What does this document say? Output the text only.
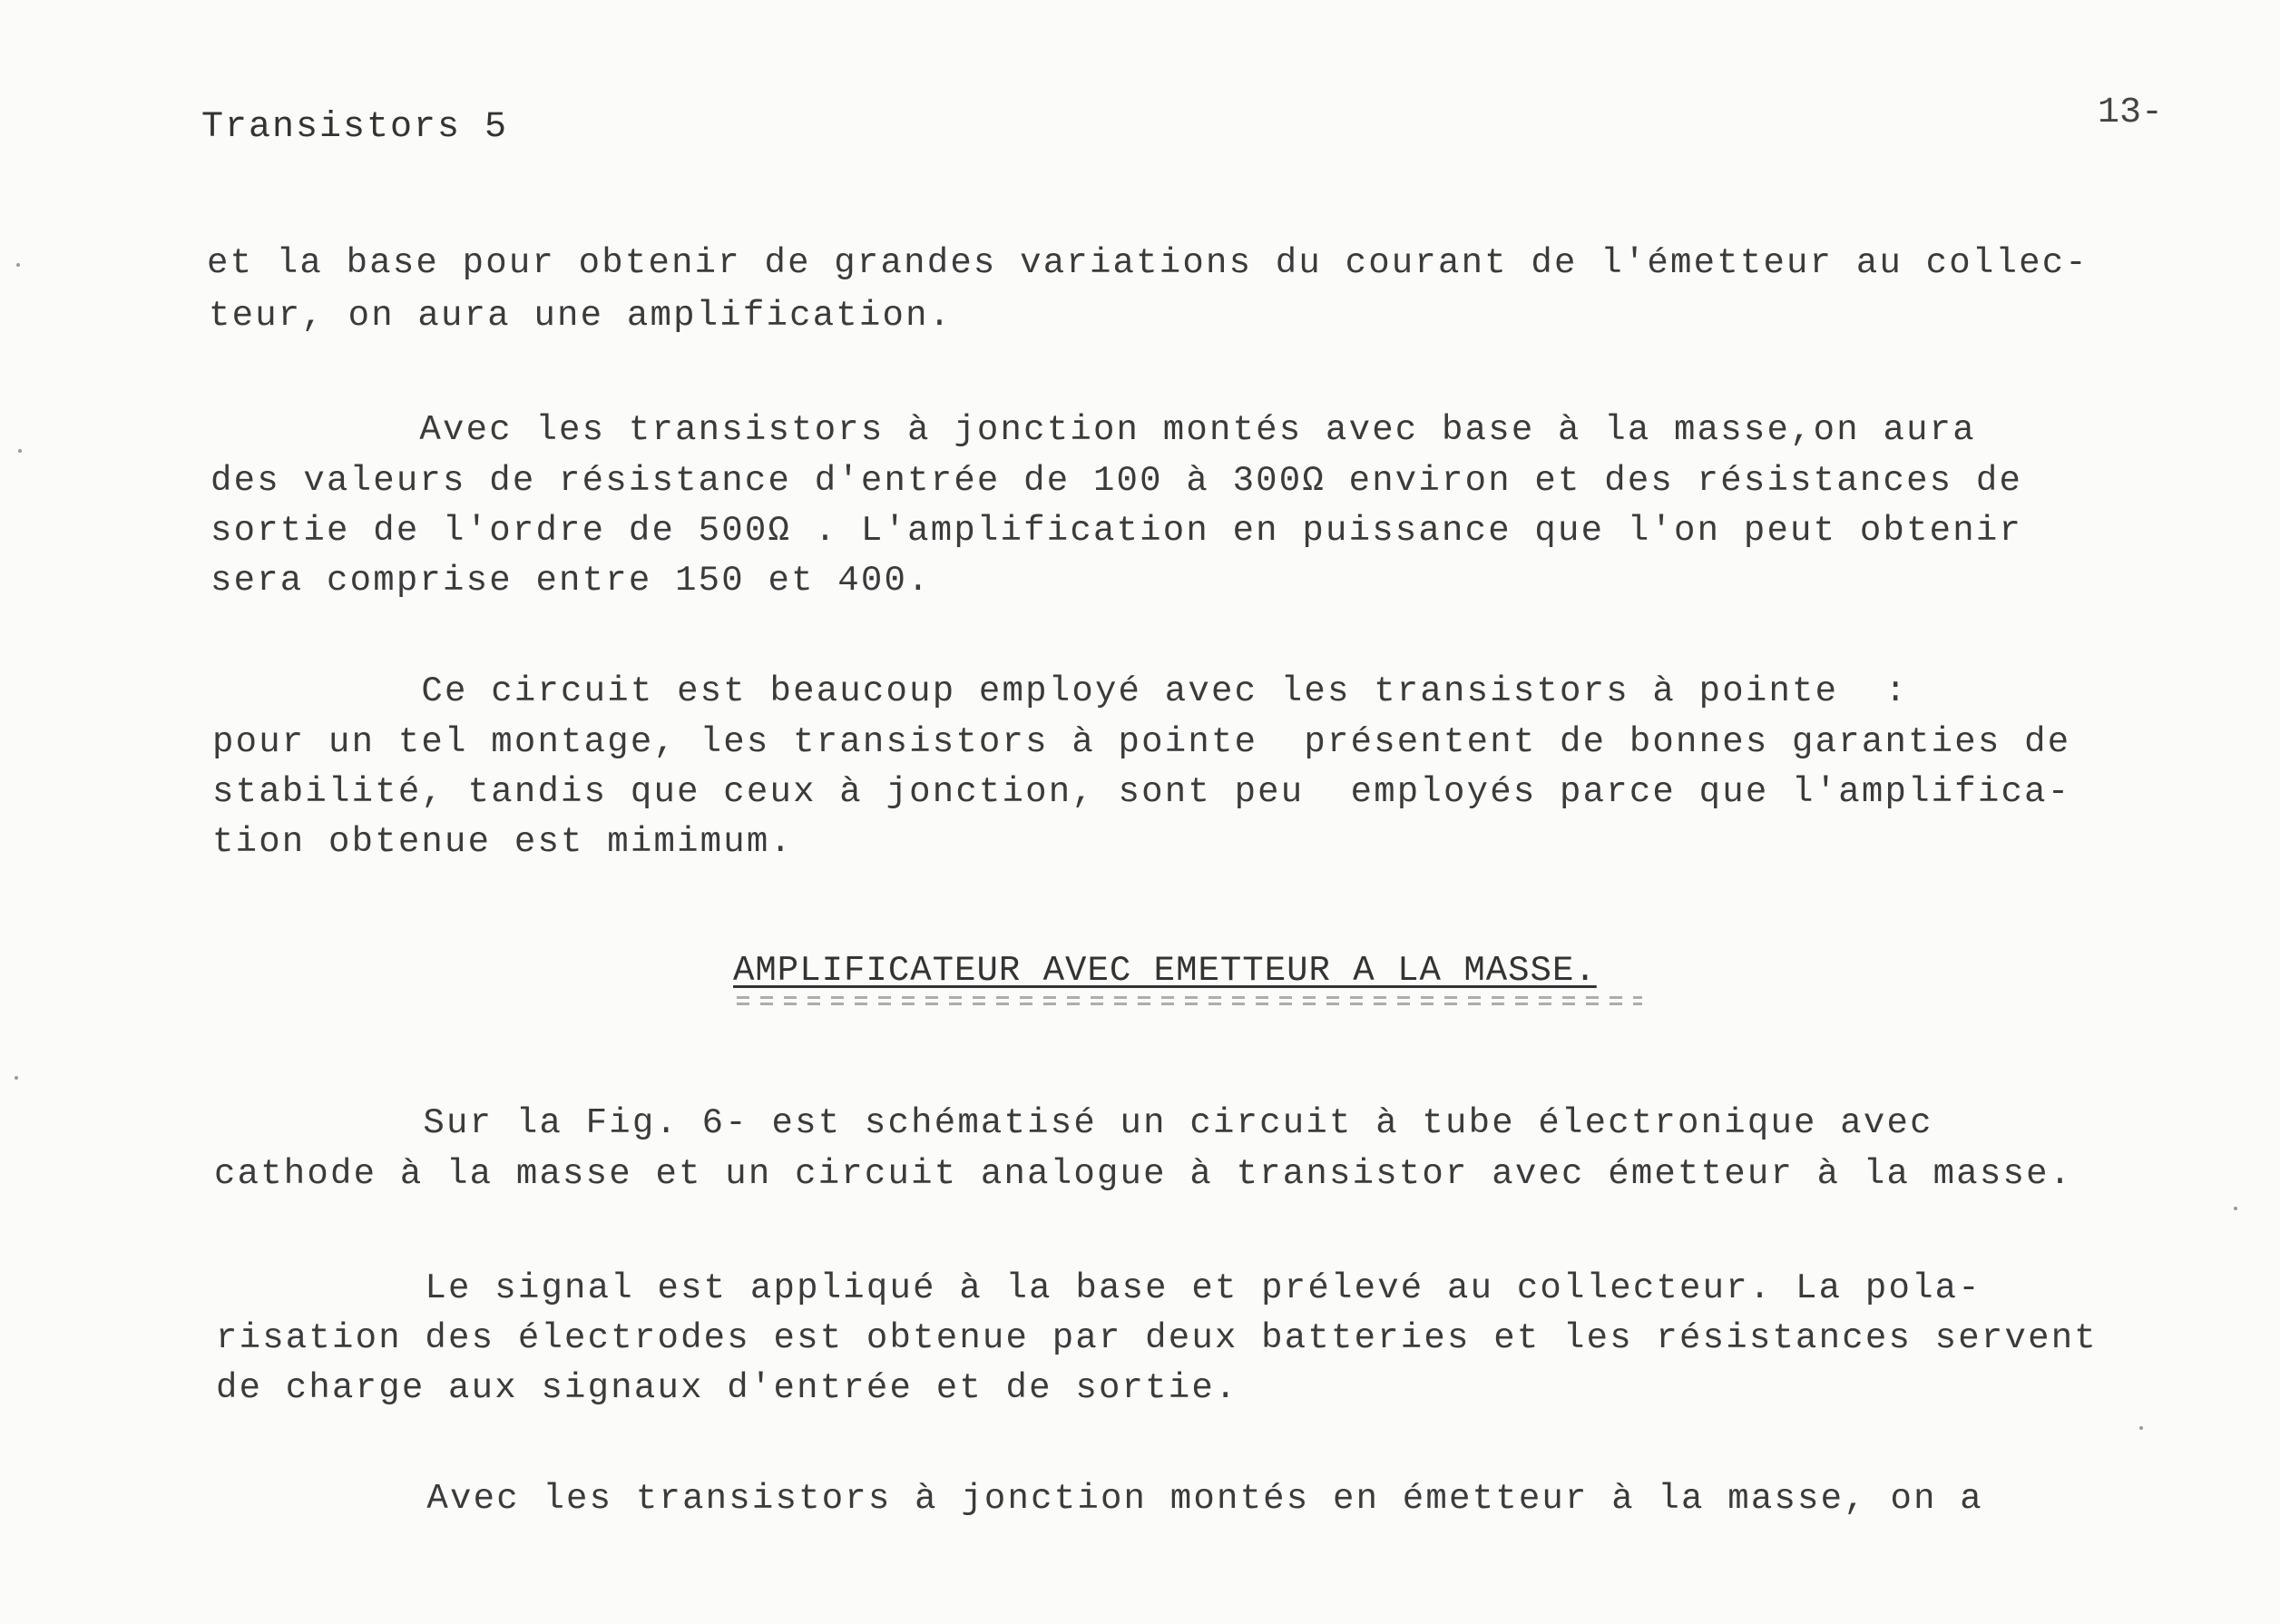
Transistors 5	13-
et la base pour obtenir de grandes variations du courant de l'émetteur au collec-
teur, on aura une amplification.
Avec les transistors à jonction montés avec base à la masse,on aura
des valeurs de résistance d'entrée de 100 à 300Ω environ et des résistances de
sortie de l'ordre de 500Ω . L'amplification en puissance que l'on peut obtenir
sera comprise entre 150 et 400.
Ce circuit est beaucoup employé avec les transistors à pointe  :
pour un tel montage, les transistors à pointe  présentent de bonnes garanties de
stabilité, tandis que ceux à jonction, sont peu  employés parce que l'amplifica-
tion obtenue est mimimum.
AMPLIFICATEUR AVEC EMETTEUR A LA MASSE.
Sur la Fig. 6- est schématisé un circuit à tube électronique avec
cathode à la masse et un circuit analogue à transistor avec émetteur à la masse.
Le signal est appliqué à la base et prélevé au collecteur. La pola-
risation des électrodes est obtenue par deux batteries et les résistances servent
de charge aux signaux d'entrée et de sortie.
Avec les transistors à jonction montés en émetteur à la masse, on a
